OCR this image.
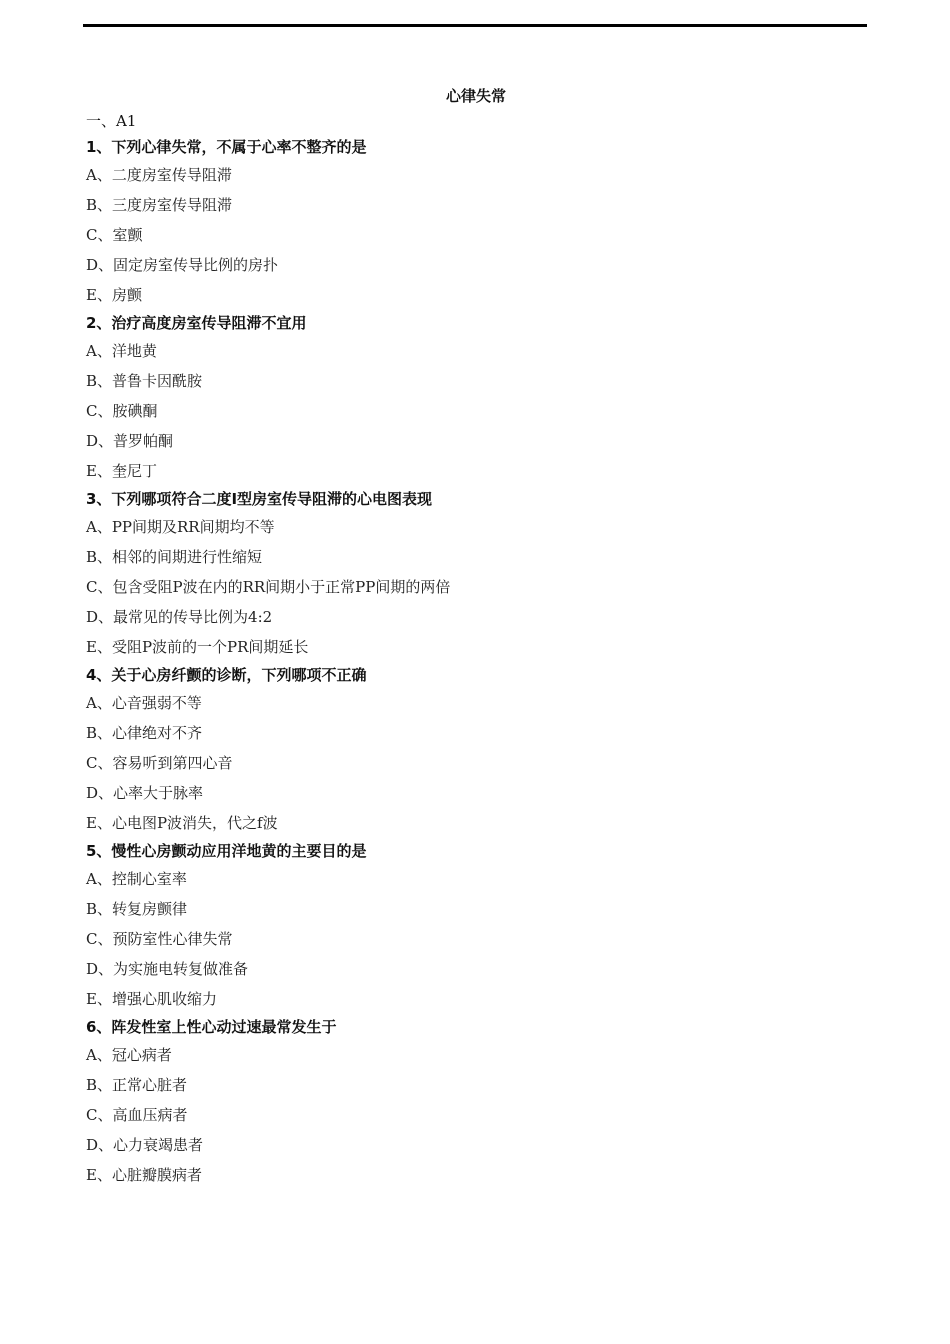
心律失常
一、A1
1、下列心律失常，不属于心率不整齐的是
A、二度房室传导阻滞
B、三度房室传导阻滞
C、室颤
D、固定房室传导比例的房扑
E、房颤
2、治疗高度房室传导阻滞不宜用
A、洋地黄
B、普鲁卡因酰胺
C、胺碘酮
D、普罗帕酮
E、奎尼丁
3、下列哪项符合二度Ⅰ型房室传导阻滞的心电图表现
A、PP间期及RR间期均不等
B、相邻的间期进行性缩短
C、包含受阻P波在内的RR间期小于正常PP间期的两倍
D、最常见的传导比例为4:2
E、受阻P波前的一个PR间期延长
4、关于心房纤颤的诊断，下列哪项不正确
A、心音强弱不等
B、心律绝对不齐
C、容易听到第四心音
D、心率大于脉率
E、心电图P波消失，代之f波
5、慢性心房颤动应用洋地黄的主要目的是
A、控制心室率
B、转复房颤律
C、预防室性心律失常
D、为实施电转复做准备
E、增强心肌收缩力
6、阵发性室上性心动过速最常发生于
A、冠心病者
B、正常心脏者
C、高血压病者
D、心力衰竭患者
E、心脏瓣膜病者
